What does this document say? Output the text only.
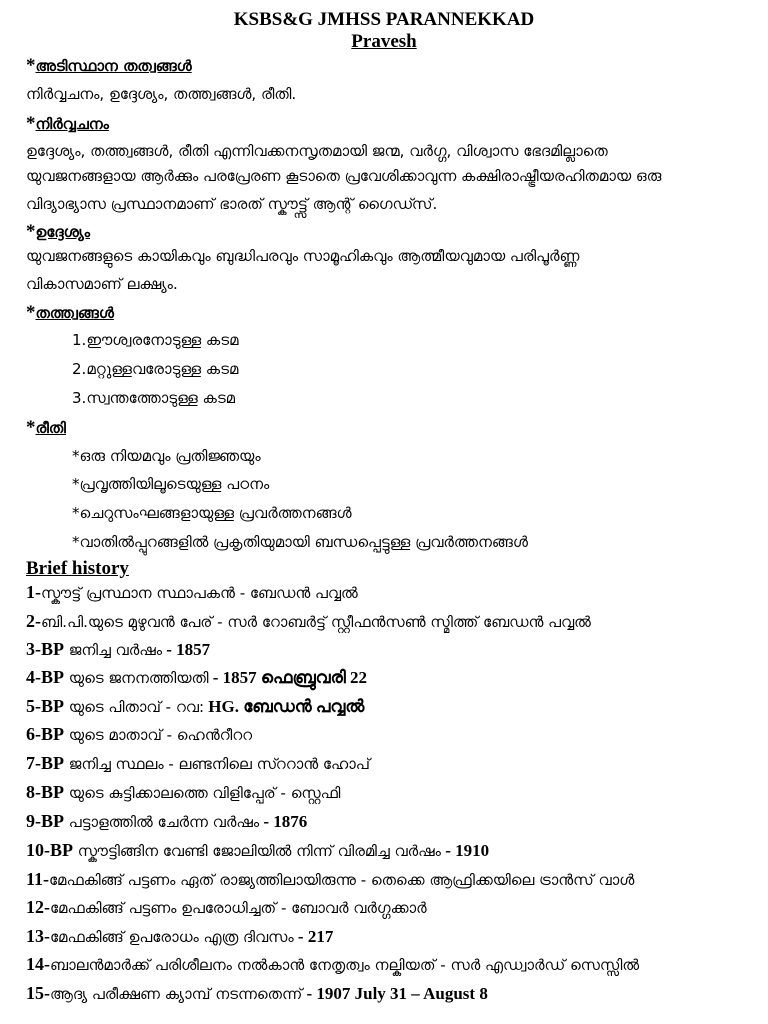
KSBS&G JMHSS PARANNEKKAD
Pravesh
*അടിസ്ഥാന തത്വങ്ങൾ
നിർവ്വചനം, ഉദ്ദേശ്യം, തത്ത്വങ്ങൾ, രീതി.
*നിർവ്വചനം
ഉദ്ദേശ്യം, തത്ത്വങ്ങൾ, രീതി എന്നിവക്കനസൃതമായി ജന്മ, വർഗ്ഗ, വിശ്വാസ ഭേദമില്ലാതെ
യുവജനങ്ങളായ ആർക്കും പരപ്രേരണ കൂടാതെ പ്രവേശിക്കാവുന്ന കക്ഷിരാഷ്ട്രീയരഹിതമായ ഒരു
വിദ്യാഭ്യാസ പ്രസ്ഥാനമാണ് ഭാരത് സ്കൗട്ട്സ് ആന്റ് ഗൈഡ്സ്.
*ഉദ്ദേശ്യം
യുവജനങ്ങളുടെ കായികവും ബുദ്ധിപരവും സാമൂഹികവും ആത്മീയവുമായ പരിപൂർണ്ണ
വികാസമാണ് ലക്ഷ്യം.
*തത്ത്വങ്ങൾ
1.ഈശ്വരനോടുള്ള കടമ
2.മറ്റുള്ളവരോടുള്ള കടമ
3.സ്വന്തത്തോടുള്ള കടമ
*രീതി
*ഒരു നിയമവും പ്രതിജ്ഞയും
*പ്രവൃത്തിയിലൂടെയുള്ള പഠനം
*ചെറുസംഘങ്ങളായുള്ള പ്രവർത്തനങ്ങൾ
*വാതിൽപ്പുറങ്ങളിൽ പ്രകൃതിയുമായി ബന്ധപ്പെട്ടുള്ള പ്രവർത്തനങ്ങൾ
Brief history
1-സ്കൗട്ട് പ്രസ്ഥാന സ്ഥാപകൻ - ബേഡൻ പവ്വൽ
2-ബി.പി.യുടെ മുഴുവൻ പേര് - സർ റോബർട്ട് സ്റ്റീഫൻസൺ സ്മിത്ത് ബേഡൻ പവ്വൽ
3-BP ജനിച്ച വർഷം - 1857
4-BP യുടെ ജനനത്തിയതി - 1857 ഫെബ്രുവരി 22
5-BP യുടെ പിതാവ് - റവ: HG. ബേഡൻ പവ്വൽ
6-BP യുടെ മാതാവ് - ഹെൻറീററ
7-BP ജനിച്ച സ്ഥലം - ലണ്ടനിലെ സ്ററാൻ ഹോപ്
8-BP യുടെ കുട്ടിക്കാലത്തെ വിളിപ്പേര് - സ്റ്റെഫി
9-BP പട്ടാളത്തിൽ ചേർന്ന വർഷം - 1876
10-BP സ്കൗട്ടിങ്ങിന വേണ്ടി ജോലിയിൽ നിന്ന് വിരമിച്ച വർഷം - 1910
11-മേഫകിങ്ങ് പട്ടണം ഏത് രാജ്യത്തിലായിരുന്നു - തെക്കെ ആഫ്രിക്കയിലെ ട്രാൻസ് വാൾ
12-മേഫകിങ്ങ് പട്ടണം ഉപരോധിച്ചത് - ബോവർ വർഗ്ഗക്കാർ
13-മേഫകിങ്ങ് ഉപരോധം എത്ര ദിവസം - 217
14-ബാലൻമാർക്ക് പരിശീലനം നൽകാൻ നേതൃത്വം നല്കിയത് - സർ എഡ്വാർഡ് സെസ്സിൽ
15-ആദ്യ പരീക്ഷണ ക്യാമ്പ് നടന്നതെന്ന് - 1907 July 31 – August 8
